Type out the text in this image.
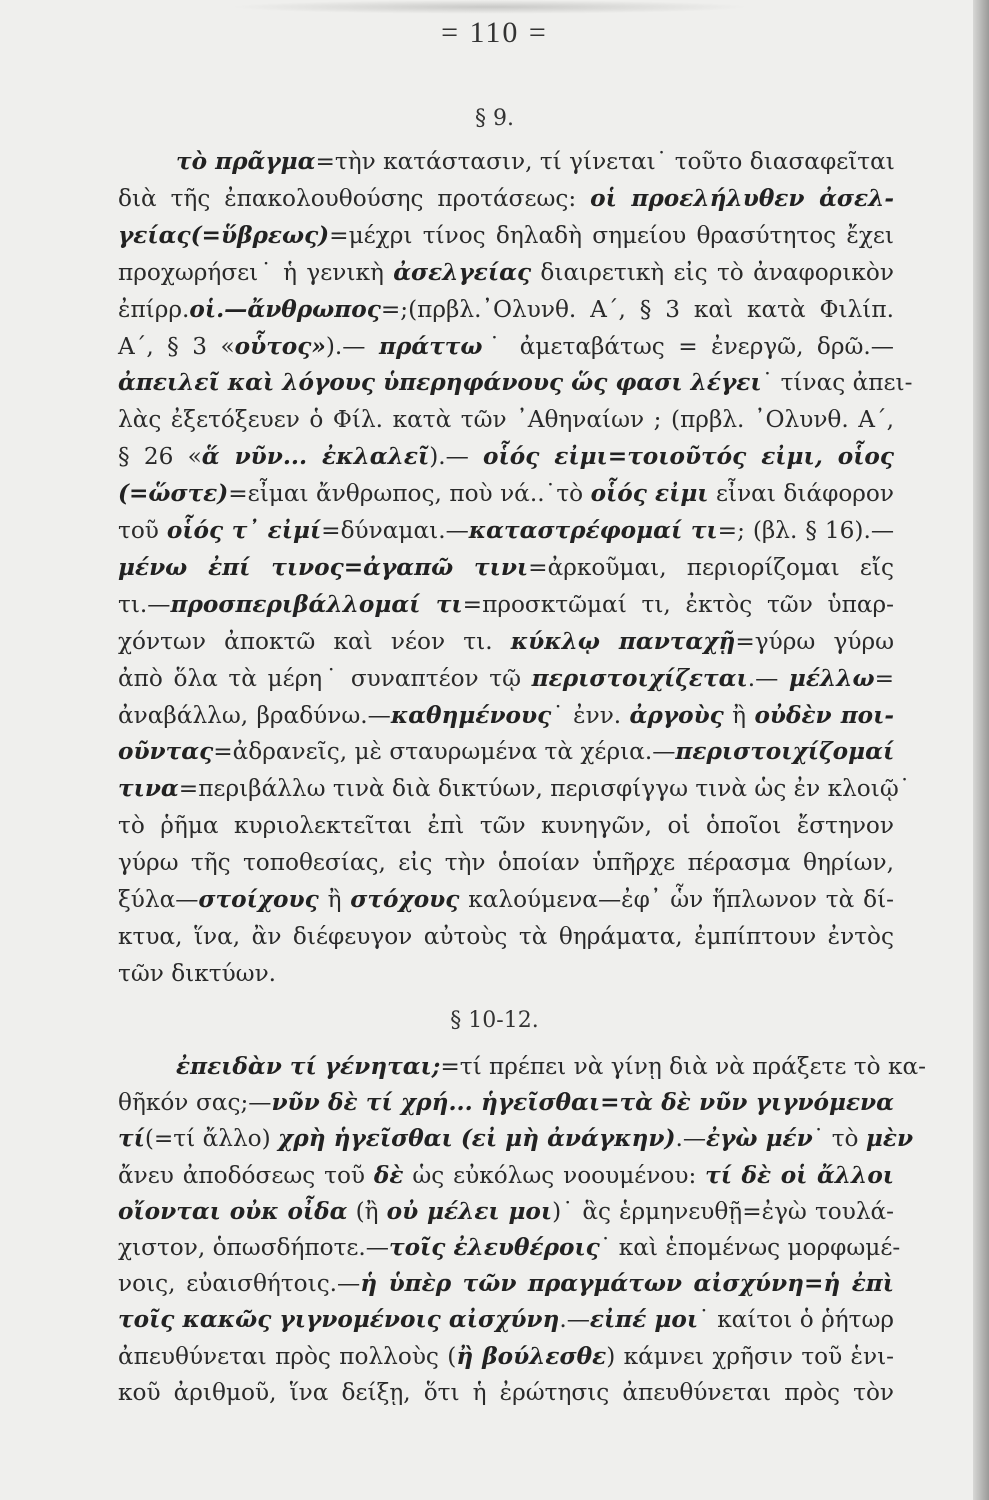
= 110 =
§ 9.
τὸ πρᾶγμα=τὴν κατάστασιν, τί γίνεται˙ τοῦτο διασαφεῖται
διὰ τῆς ἐπακολουθούσης προτάσεως: οἱ προελήλυθεν ἀσελ-
γείας(=ὕβρεως)=μέχρι τίνος δηλαδὴ σημείου θρασύτητος ἔχει
προχωρήσει˙ ἡ γενικὴ ἀσελγείας διαιρετικὴ εἰς τὸ ἀναφορικὸν
ἐπίρρ.οἱ.—ἄνθρωπος=;(πρβλ.᾿Ολυνθ. Α΄, § 3 καὶ κατὰ Φιλίπ.
Α΄, § 3 «οὗτος»).— πράττω˙ ἀμεταβάτως = ἐνεργῶ, δρῶ.—
ἀπειλεῖ καὶ λόγους ὑπερηφάνους ὥς φασι λέγει˙ τίνας ἀπει-
λὰς ἐξετόξευεν ὁ Φίλ. κατὰ τῶν ᾿Αθηναίων ; (πρβλ. ᾿Ολυνθ. Α΄,
§ 26 «ἅ νῦν... ἐκλαλεῖ).— οἷός εἰμι=τοιοῦτός εἰμι, οἷος
(=ὥστε)=εἶμαι ἄνθρωπος, ποὺ νά..˙τὸ οἷός εἰμι εἶναι διάφορον
τοῦ οἷός τ᾿ εἰμί=δύναμαι.—καταστρέφομαί τι=; (βλ. § 16).—
μένω ἐπί τινος=ἀγαπῶ τινι=ἀρκοῦμαι, περιορίζομαι εἴς
τι.—προσπεριβάλλομαί τι=προσκτῶμαί τι, ἐκτὸς τῶν ὑπαρ-
χόντων ἀποκτῶ καὶ νέον τι. κύκλῳ πανταχῇ=γύρω γύρω
ἀπὸ ὅλα τὰ μέρη˙ συναπτέον τῷ περιστοιχίζεται.— μέλλω=
ἀναβάλλω, βραδύνω.—καθημένους˙ ἐνν. ἀργοὺς ἢ οὐδὲν ποι-
οῦντας=ἀδρανεῖς, μὲ σταυρωμένα τὰ χέρια.—περιστοιχίζομαί
τινα=περιβάλλω τινὰ διὰ δικτύων, περισφίγγω τινὰ ὡς ἐν κλοιῷ˙
τὸ ῥῆμα κυριολεκτεῖται ἐπὶ τῶν κυνηγῶν, οἱ ὁποῖοι ἔστηνον
γύρω τῆς τοποθεσίας, εἰς τὴν ὁποίαν ὑπῆρχε πέρασμα θηρίων,
ξύλα—στοίχους ἢ στόχους καλούμενα—ἐφ᾿ ὧν ἥπλωνον τὰ δί-
κτυα, ἵνα, ἂν διέφευγον αὐτοὺς τὰ θηράματα, ἐμπίπτουν ἐντὸς
τῶν δικτύων.
§ 10-12.
ἐπειδὰν τί γένηται;=τί πρέπει νὰ γίνῃ διὰ νὰ πράξετε τὸ κα-
θῆκόν σας;—νῦν δὲ τί χρή... ἡγεῖσθαι=τὰ δὲ νῦν γιγνόμενα
τί(=τί ἄλλο) χρὴ ἡγεῖσθαι (εἰ μὴ ἀνάγκην).—ἐγὼ μέν˙ τὸ μὲν
ἄνευ ἀποδόσεως τοῦ δὲ ὡς εὐκόλως νοουμένου: τί δὲ οἱ ἄλλοι
οἴονται οὐκ οἶδα (ἢ οὐ μέλει μοι)˙ ἃς ἑρμηνευθῇ=ἐγὼ τουλά-
χιστον, ὁπωσδήποτε.—τοῖς ἐλευθέροις˙ καὶ ἑπομένως μορφωμέ-
νοις, εὐαισθήτοις.—ἡ ὑπὲρ τῶν πραγμάτων αἰσχύνη=ἡ ἐπὶ
τοῖς κακῶς γιγνομένοις αἰσχύνη.—εἰπέ μοι˙ καίτοι ὁ ῥήτωρ
ἀπευθύνεται πρὸς πολλοὺς (ἢ βούλεσθε) κάμνει χρῆσιν τοῦ ἑνι-
κοῦ ἀριθμοῦ, ἵνα δείξῃ, ὅτι ἡ ἐρώτησις ἀπευθύνεται πρὸς τὸν
